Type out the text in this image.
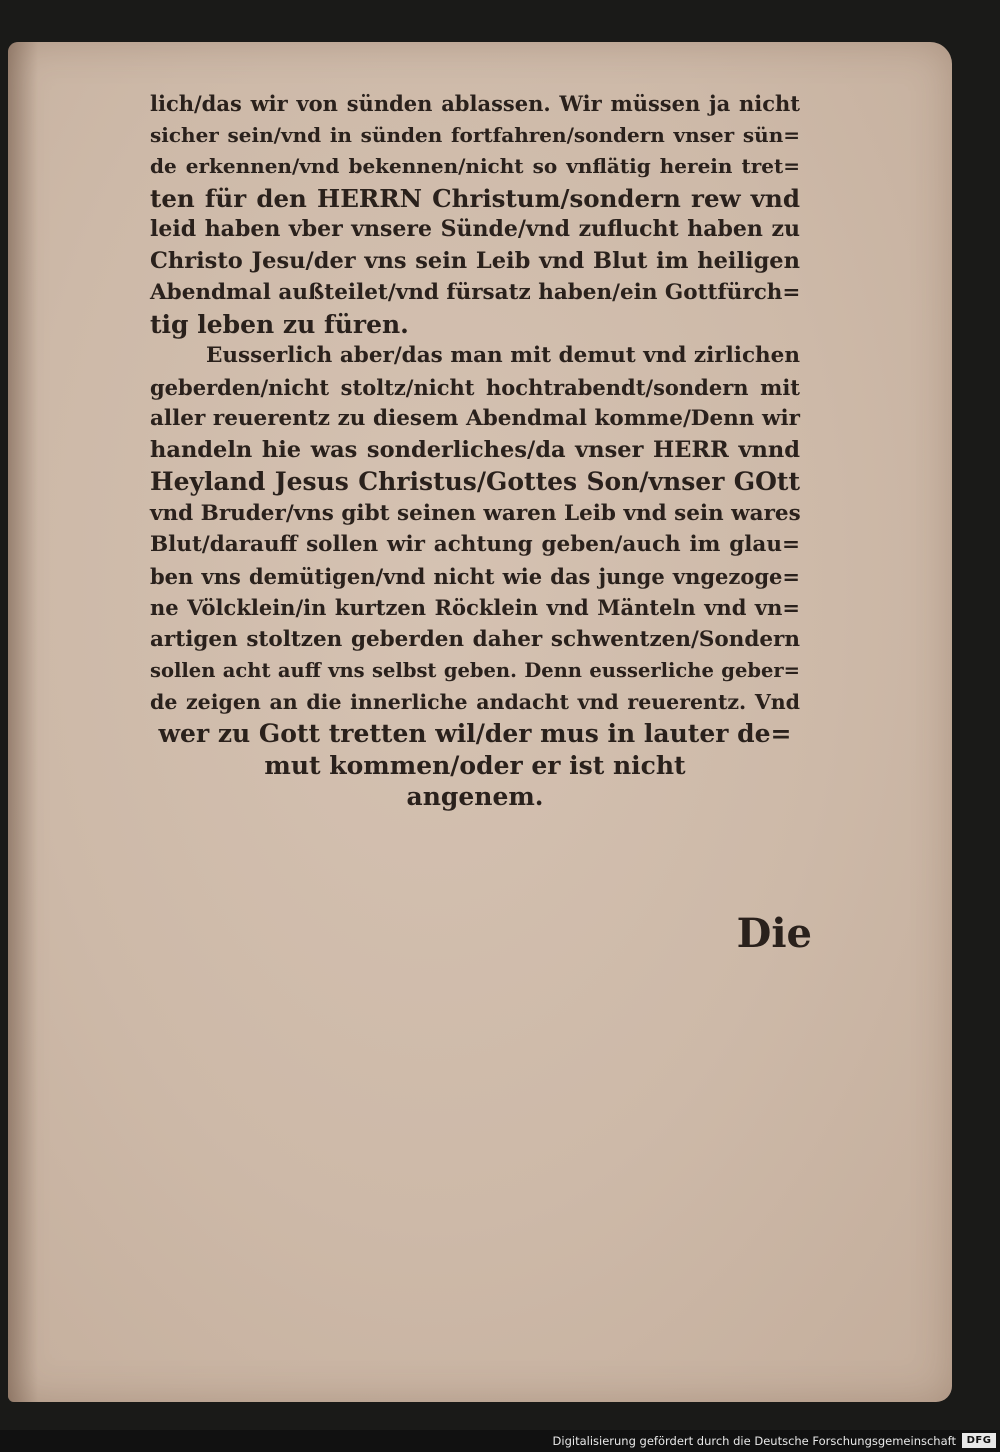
lich/das wir von sünden ablassen. Wir müssen ja nicht
sicher sein/vnd in sünden fortfahren/sondern vnser sün=
de erkennen/vnd bekennen/nicht so vnflätig herein tret=
ten für den HERRN Christum/sondern rew vnd
leid haben vber vnsere Sünde/vnd zuflucht haben zu
Christo Jesu/der vns sein Leib vnd Blut im heiligen
Abendmal außteilet/vnd fürsatz haben/ein Gottfürch=
tig leben zu füren.
Eusserlich aber/das man mit demut vnd zirlichen
geberden/nicht stoltz/nicht hochtrabendt/sondern mit
aller reuerentz zu diesem Abendmal komme/Denn wir
handeln hie was sonderliches/da vnser HERR vnnd
Heyland Jesus Christus/Gottes Son/vnser GOtt
vnd Bruder/vns gibt seinen waren Leib vnd sein wares
Blut/darauff sollen wir achtung geben/auch im glau=
ben vns demütigen/vnd nicht wie das junge vngezoge=
ne Völcklein/in kurtzen Röcklein vnd Mänteln vnd vn=
artigen stoltzen geberden daher schwentzen/Sondern
sollen acht auff vns selbst geben. Denn eusserliche geber=
de zeigen an die innerliche andacht vnd reuerentz. Vnd
wer zu Gott tretten wil/der mus in lauter de=
mut kommen/oder er ist nicht
angenem.
Die
Digitalisierung gefördert durch die Deutsche Forschungsgemeinschaft	DFG
